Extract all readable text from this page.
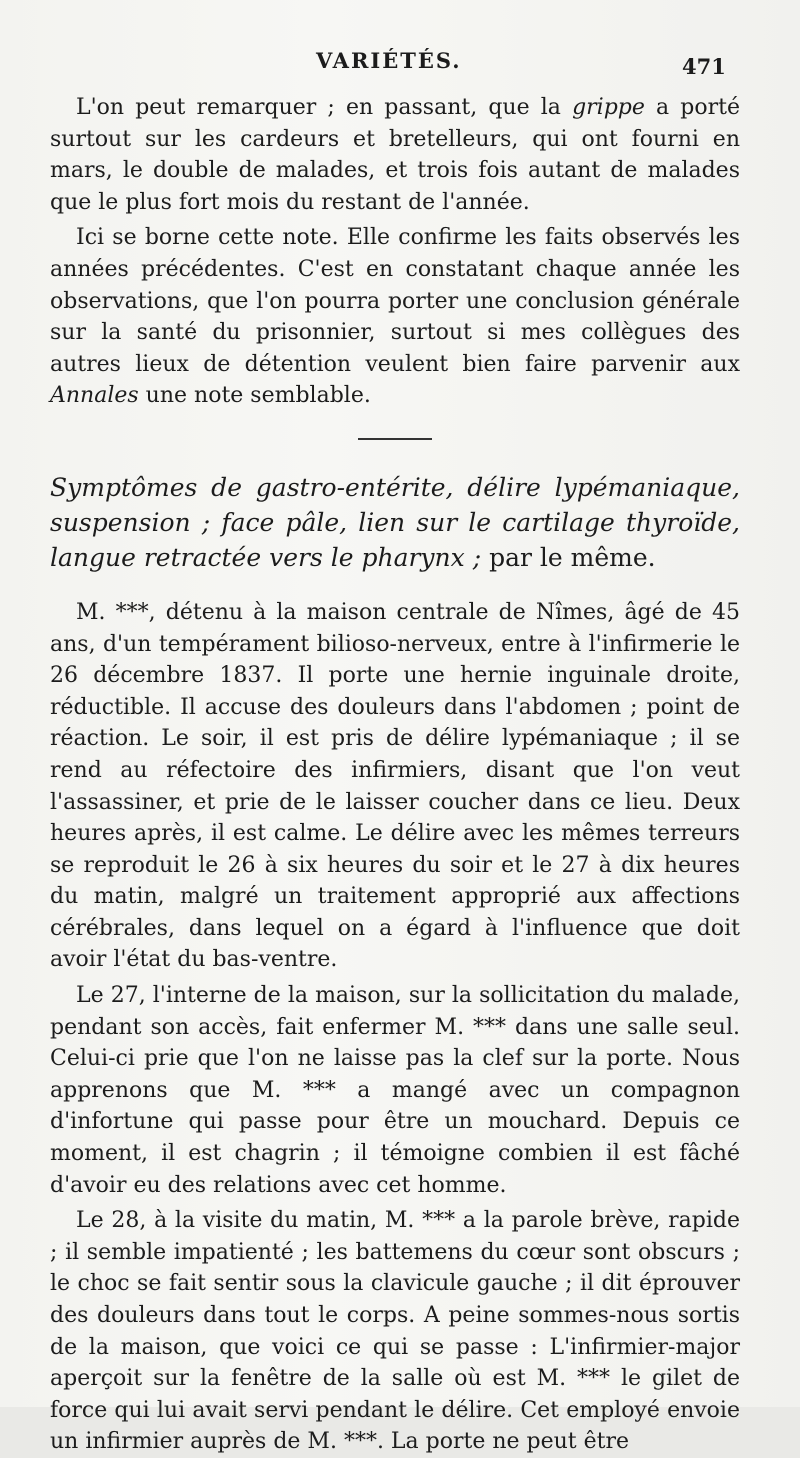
VARIÉTÉS.	471

L'on peut remarquer ; en passant, que la grippe a porté surtout sur les cardeurs et bretelleurs, qui ont fourni en mars, le double de malades, et trois fois autant de malades que le plus fort mois du restant de l'année.

Ici se borne cette note. Elle confirme les faits observés les années précédentes. C'est en constatant chaque année les observations, que l'on pourra porter une conclusion générale sur la santé du prisonnier, surtout si mes collègues des autres lieux de détention veulent bien faire parvenir aux Annales une note semblable.

Symptômes de gastro-entérite, délire lypémaniaque, suspension ; face pâle, lien sur le cartilage thyroïde, langue retractée vers le pharynx ; par le même.

M. ***, détenu à la maison centrale de Nîmes, âgé de 45 ans, d'un tempérament bilioso-nerveux, entre à l'infirmerie le 26 décembre 1837. Il porte une hernie inguinale droite, réductible. Il accuse des douleurs dans l'abdomen ; point de réaction. Le soir, il est pris de délire lypémaniaque ; il se rend au réfectoire des infirmiers, disant que l'on veut l'assassiner, et prie de le laisser coucher dans ce lieu. Deux heures après, il est calme. Le délire avec les mêmes terreurs se reproduit le 26 à six heures du soir et le 27 à dix heures du matin, malgré un traitement approprié aux affections cérébrales, dans lequel on a égard à l'influence que doit avoir l'état du bas-ventre.

Le 27, l'interne de la maison, sur la sollicitation du malade, pendant son accès, fait enfermer M. *** dans une salle seul. Celui-ci prie que l'on ne laisse pas la clef sur la porte. Nous apprenons que M. *** a mangé avec un compagnon d'infortune qui passe pour être un mouchard. Depuis ce moment, il est chagrin ; il témoigne combien il est fâché d'avoir eu des relations avec cet homme.

Le 28, à la visite du matin, M. *** a la parole brève, rapide ; il semble impatienté ; les battemens du cœur sont obscurs ; le choc se fait sentir sous la clavicule gauche ; il dit éprouver des douleurs dans tout le corps. A peine sommes-nous sortis de la maison, que voici ce qui se passe : L'infirmier-major aperçoit sur la fenêtre de la salle où est M. *** le gilet de force qui lui avait servi pendant le délire. Cet employé envoie un infirmier auprès de M. ***. La porte ne peut être
